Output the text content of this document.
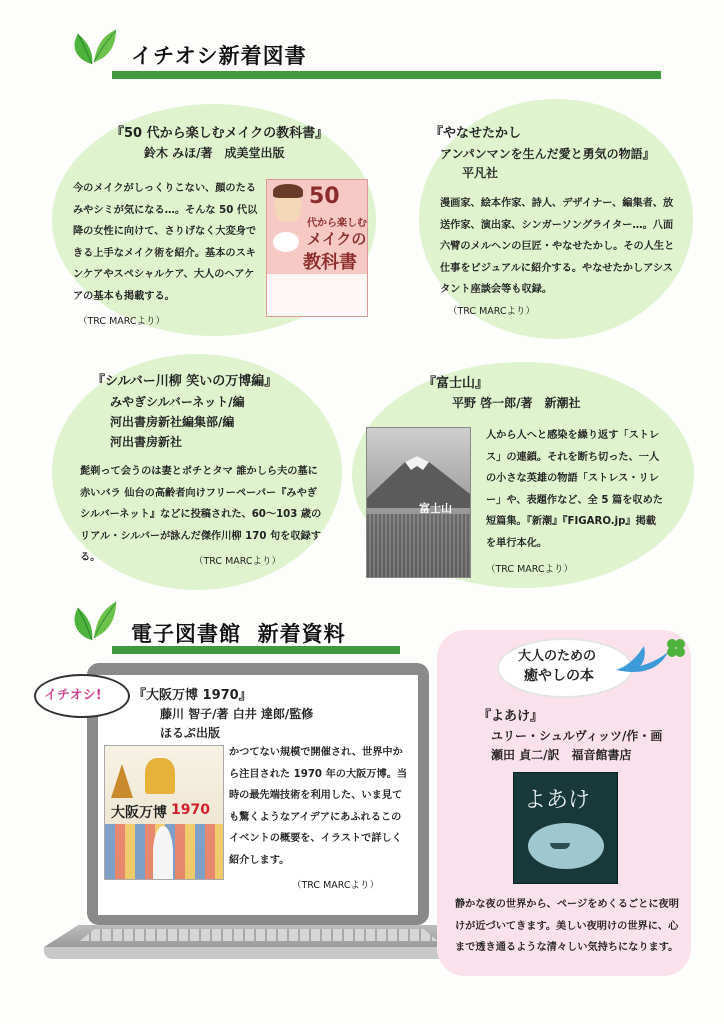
イチオシ新着図書
『50 代から楽しむメイクの教科書』
鈴木 みほ/著　成美堂出版
今のメイクがしっくりこない、顔のたるみやシミが気になる…。そんな 50 代以降の女性に向けて、さりげなく大変身できる上手なメイク術を紹介。基本のスキンケアやスペシャルケア、大人のヘアケアの基本も掲載する。
（TRC MARCより）
50
代から楽しむ
メイクの
教科書
『やなせたかし
アンパンマンを生んだ愛と勇気の物語』
平凡社
漫画家、絵本作家、詩人、デザイナー、編集者、放送作家、演出家、シンガーソングライター…。八面六臂のメルヘンの巨匠・やなせたかし。その人生と仕事をビジュアルに紹介する。やなせたかしアシスタント座談会等も収録。
（TRC MARCより）
『シルバー川柳 笑いの万博編』
みやぎシルバーネット/編
河出書房新社編集部/編
河出書房新社
髭剃って会うのは妻とポチとタマ 誰かしら夫の墓に赤いバラ 仙台の高齢者向けフリーペーパー『みやぎシルバーネット』などに投稿された、60～103 歳のリアル・シルバーが詠んだ傑作川柳 170 句を収録する。	（TRC MARCより）
『富士山』
平野 啓一郎/著　新潮社
人から人へと感染を繰り返す「ストレス」の連鎖。それを断ち切った、一人の小さな英雄の物語「ストレス・リレー」や、表題作など、全 5 篇を収めた短篇集。『新潮』『FIGARO.jp』掲載を単行本化。
（TRC MARCより）
富士山
電子図書館  新着資料
イチオシ! 『大阪万博 1970』
藤川 智子/著 白井 達郎/監修
ほるぷ出版
かつてない規模で開催され、世界中から注目された 1970 年の大阪万博。当時の最先端技術を利用した、いま見ても驚くようなアイデアにあふれるこのイベントの概要を、イラストで詳しく紹介します。
（TRC MARCより）
大阪万博 1970
大人のための
癒やしの本
『よあけ』
ユリー・シュルヴィッツ/作・画
瀬田 貞二/訳　福音館書店
よあけ
静かな夜の世界から、ページをめくるごとに夜明けが近づいてきます。美しい夜明けの世界に、心まで透き通るような清々しい気持ちになります。
